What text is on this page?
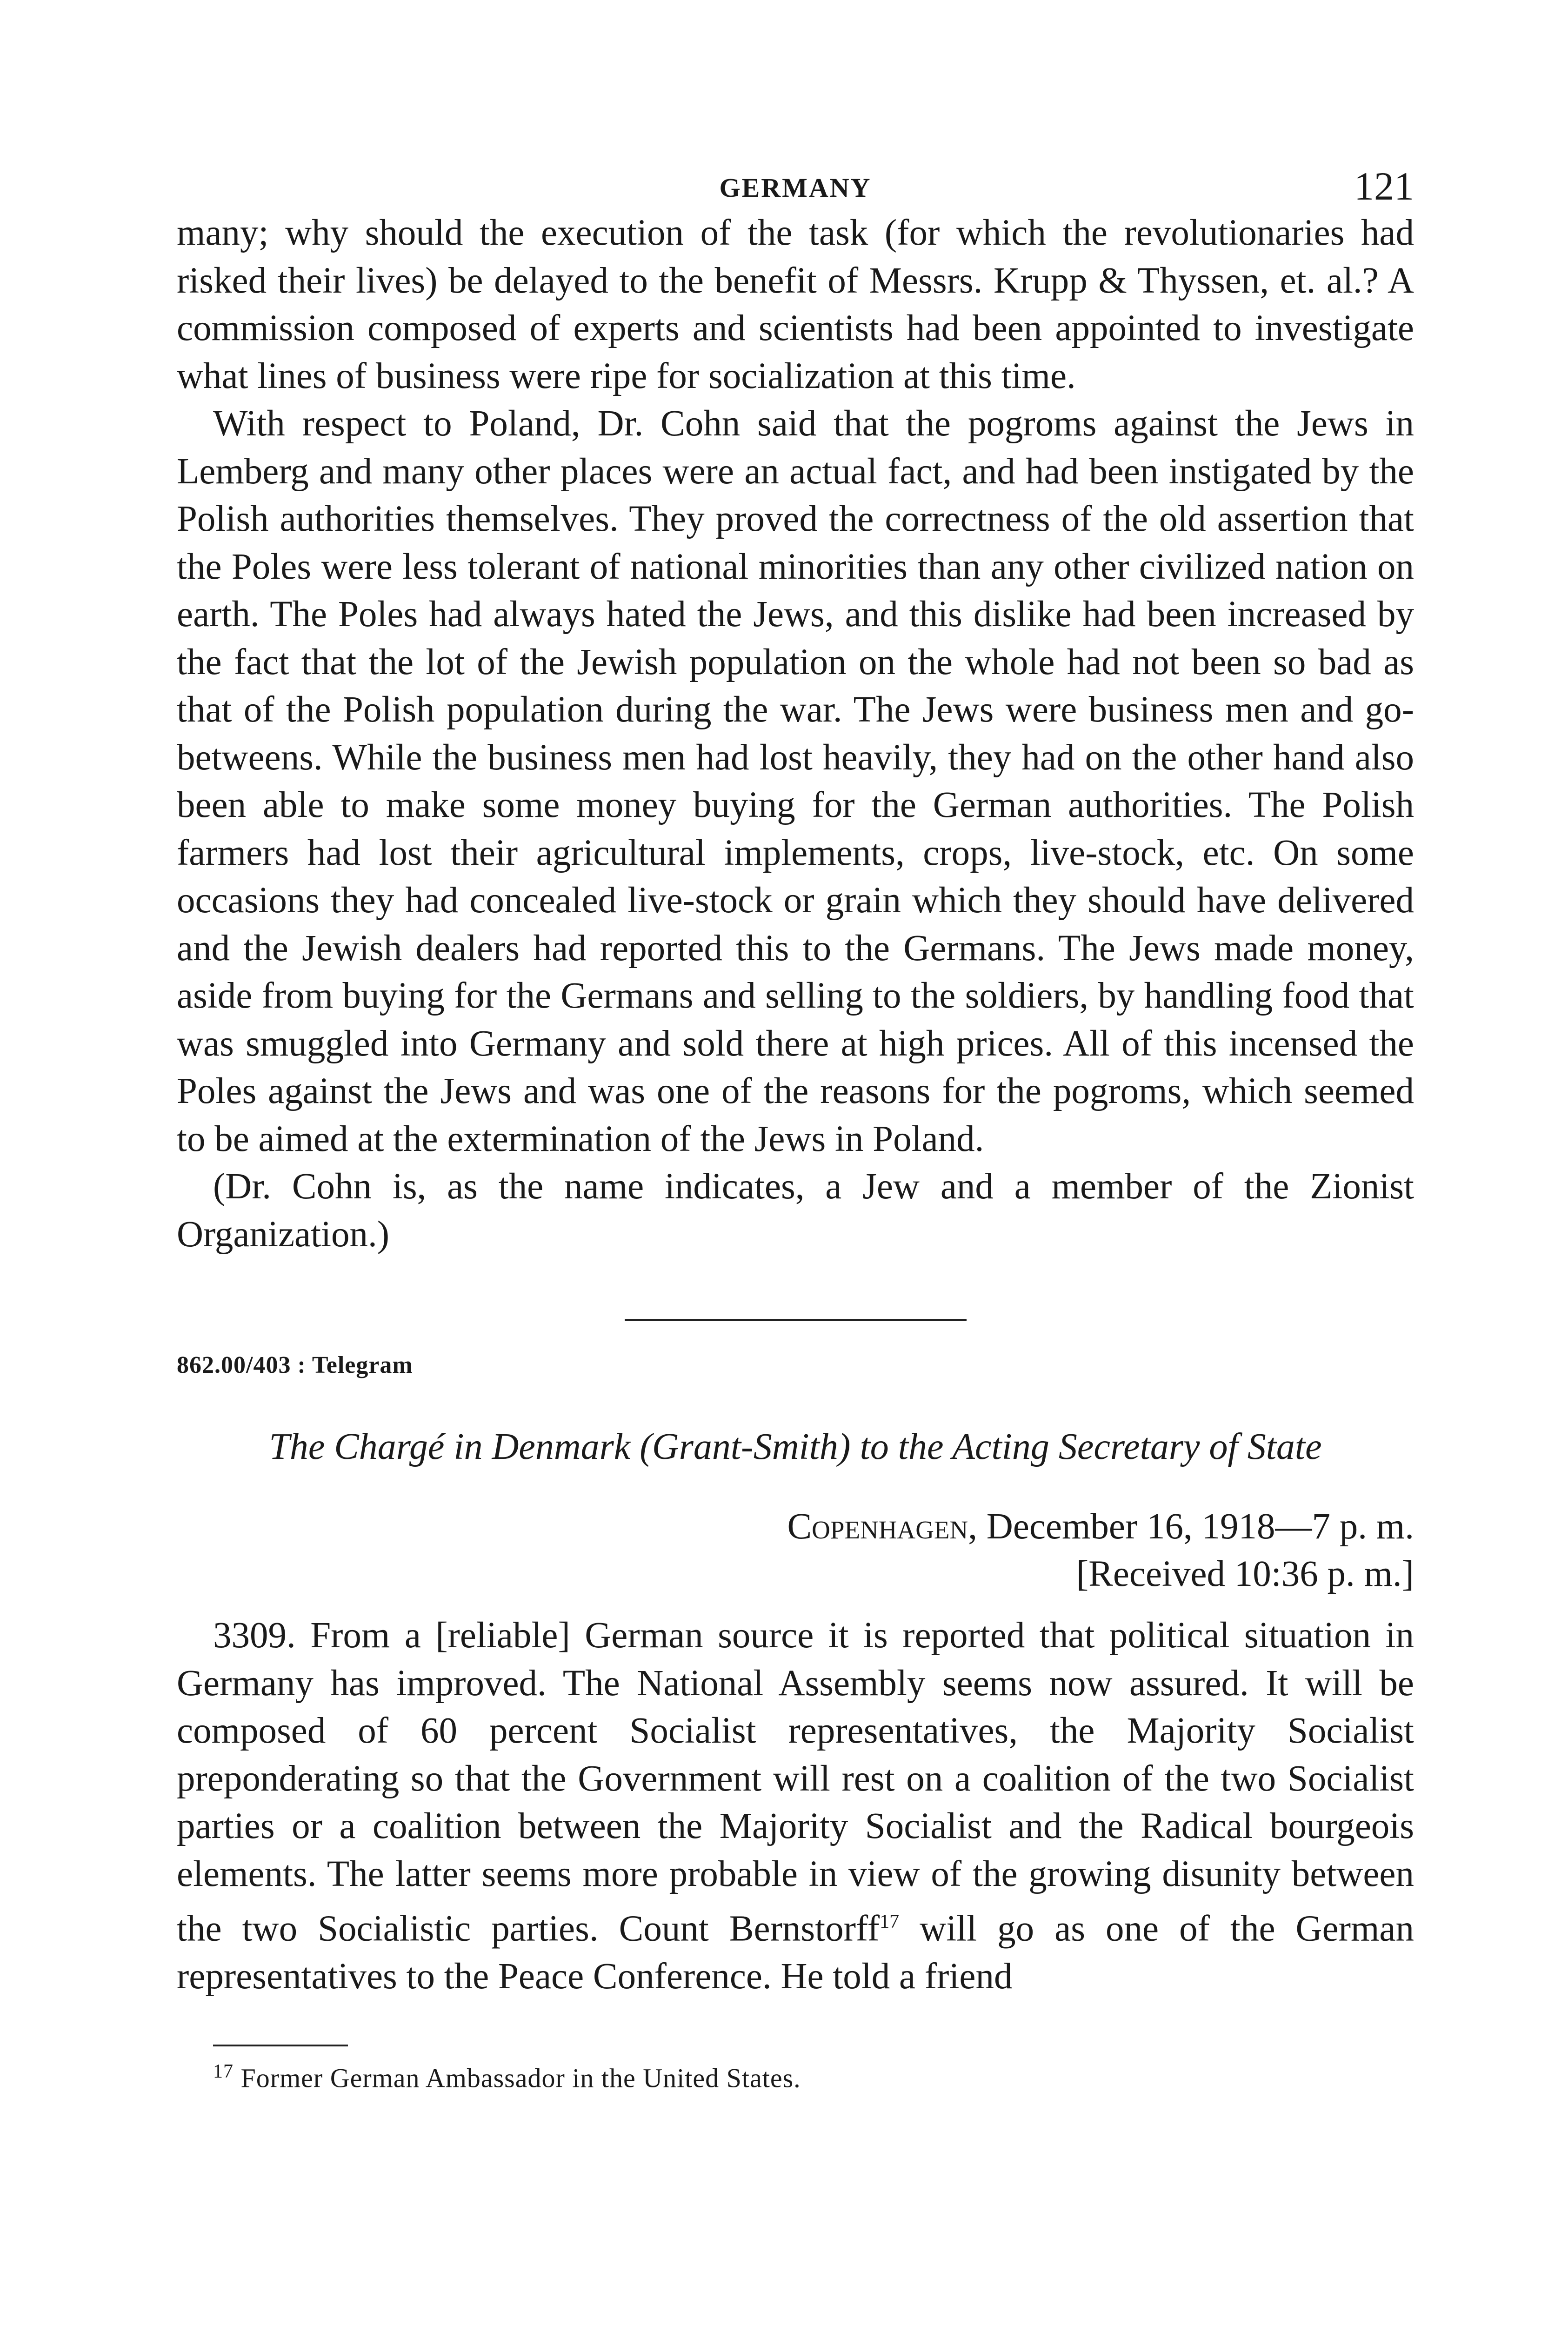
GERMANY	121

many; why should the execution of the task (for which the revolutionaries had risked their lives) be delayed to the benefit of Messrs. Krupp & Thyssen, et. al.? A commission composed of experts and scientists had been appointed to investigate what lines of business were ripe for socialization at this time.

With respect to Poland, Dr. Cohn said that the pogroms against the Jews in Lemberg and many other places were an actual fact, and had been instigated by the Polish authorities themselves. They proved the correctness of the old assertion that the Poles were less tolerant of national minorities than any other civilized nation on earth. The Poles had always hated the Jews, and this dislike had been increased by the fact that the lot of the Jewish population on the whole had not been so bad as that of the Polish population during the war. The Jews were business men and go-betweens. While the business men had lost heavily, they had on the other hand also been able to make some money buying for the German authorities. The Polish farmers had lost their agricultural implements, crops, live-stock, etc. On some occasions they had concealed live-stock or grain which they should have delivered and the Jewish dealers had reported this to the Germans. The Jews made money, aside from buying for the Germans and selling to the soldiers, by handling food that was smuggled into Germany and sold there at high prices. All of this incensed the Poles against the Jews and was one of the reasons for the pogroms, which seemed to be aimed at the extermination of the Jews in Poland.

(Dr. Cohn is, as the name indicates, a Jew and a member of the Zionist Organization.)

862.00/403 : Telegram
The Chargé in Denmark (Grant-Smith) to the Acting Secretary of State
Copenhagen, December 16, 1918—7 p. m.
[Received 10:36 p. m.]

3309. From a [reliable] German source it is reported that political situation in Germany has improved. The National Assembly seems now assured. It will be composed of 60 percent Socialist representatives, the Majority Socialist preponderating so that the Government will rest on a coalition of the two Socialist parties or a coalition between the Majority Socialist and the Radical bourgeois elements. The latter seems more probable in view of the growing disunity between the two Socialistic parties. Count Bernstorff$^{17}$ will go as one of the German representatives to the Peace Conference. He told a friend

$^{17}$ Former German Ambassador in the United States.
